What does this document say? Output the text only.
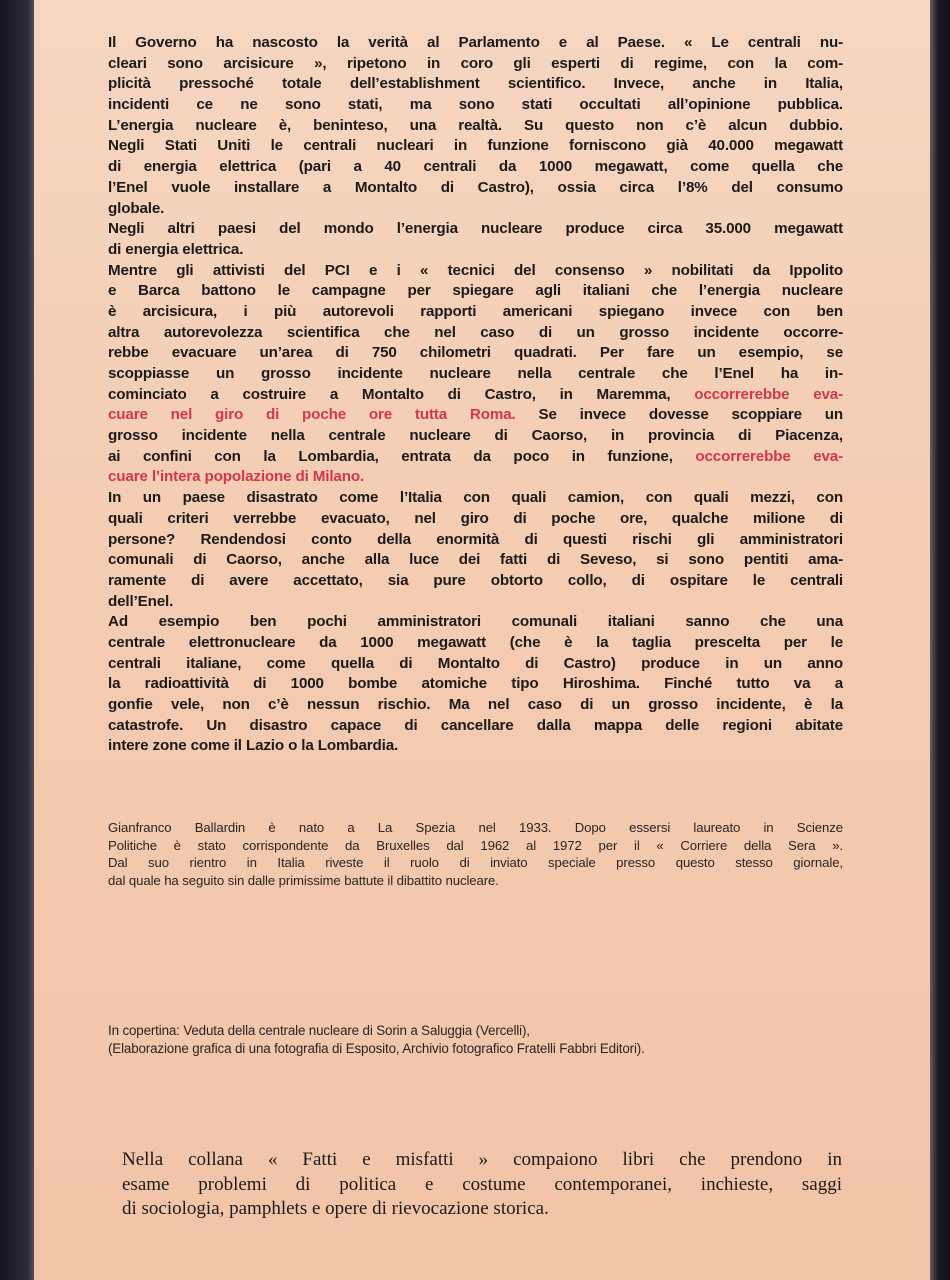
Il Governo ha nascosto la verità al Parlamento e al Paese. « Le centrali nu-
cleari sono arcisicure », ripetono in coro gli esperti di regime, con la com-
plicità pressoché totale dell’establishment scientifico. Invece, anche in Italia,
incidenti ce ne sono stati, ma sono stati occultati all’opinione pubblica.
L’energia nucleare è, beninteso, una realtà. Su questo non c’è alcun dubbio.
Negli Stati Uniti le centrali nucleari in funzione forniscono già 40.000 megawatt
di energia elettrica (pari a 40 centrali da 1000 megawatt, come quella che
l’Enel vuole installare a Montalto di Castro), ossia circa l’8% del consumo
globale.
Negli altri paesi del mondo l’energia nucleare produce circa 35.000 megawatt
di energia elettrica.
Mentre gli attivisti del PCI e i « tecnici del consenso » nobilitati da Ippolito
e Barca battono le campagne per spiegare agli italiani che l’energia nucleare
è arcisicura, i più autorevoli rapporti americani spiegano invece con ben
altra autorevolezza scientifica che nel caso di un grosso incidente occorre-
rebbe evacuare un’area di 750 chilometri quadrati. Per fare un esempio, se
scoppiasse un grosso incidente nucleare nella centrale che l’Enel ha in-
cominciato a costruire a Montalto di Castro, in Maremma, occorrerebbe eva-
cuare nel giro di poche ore tutta Roma. Se invece dovesse scoppiare un
grosso incidente nella centrale nucleare di Caorso, in provincia di Piacenza,
ai confini con la Lombardia, entrata da poco in funzione, occorrerebbe eva-
cuare l’intera popolazione di Milano.
In un paese disastrato come l’Italia con quali camion, con quali mezzi, con
quali criteri verrebbe evacuato, nel giro di poche ore, qualche milione di
persone? Rendendosi conto della enormità di questi rischi gli amministratori
comunali di Caorso, anche alla luce dei fatti di Seveso, si sono pentiti ama-
ramente di avere accettato, sia pure obtorto collo, di ospitare le centrali
dell’Enel.
Ad esempio ben pochi amministratori comunali italiani sanno che una
centrale elettronucleare da 1000 megawatt (che è la taglia prescelta per le
centrali italiane, come quella di Montalto di Castro) produce in un anno
la radioattività di 1000 bombe atomiche tipo Hiroshima. Finché tutto va a
gonfie vele, non c’è nessun rischio. Ma nel caso di un grosso incidente, è la
catastrofe. Un disastro capace di cancellare dalla mappa delle regioni abitate
intere zone come il Lazio o la Lombardia.
Gianfranco Ballardin è nato a La Spezia nel 1933. Dopo essersi laureato in Scienze
Politiche è stato corrispondente da Bruxelles dal 1962 al 1972 per il « Corriere della Sera ».
Dal suo rientro in Italia riveste il ruolo di inviato speciale presso questo stesso giornale,
dal quale ha seguito sin dalle primissime battute il dibattito nucleare.
In copertina: Veduta della centrale nucleare di Sorin a Saluggia (Vercelli),
(Elaborazione grafica di una fotografia di Esposito, Archivio fotografico Fratelli Fabbri Editori).
Nella collana « Fatti e misfatti » compaiono libri che prendono in
esame problemi di politica e costume contemporanei, inchieste, saggi
di sociologia, pamphlets e opere di rievocazione storica.
